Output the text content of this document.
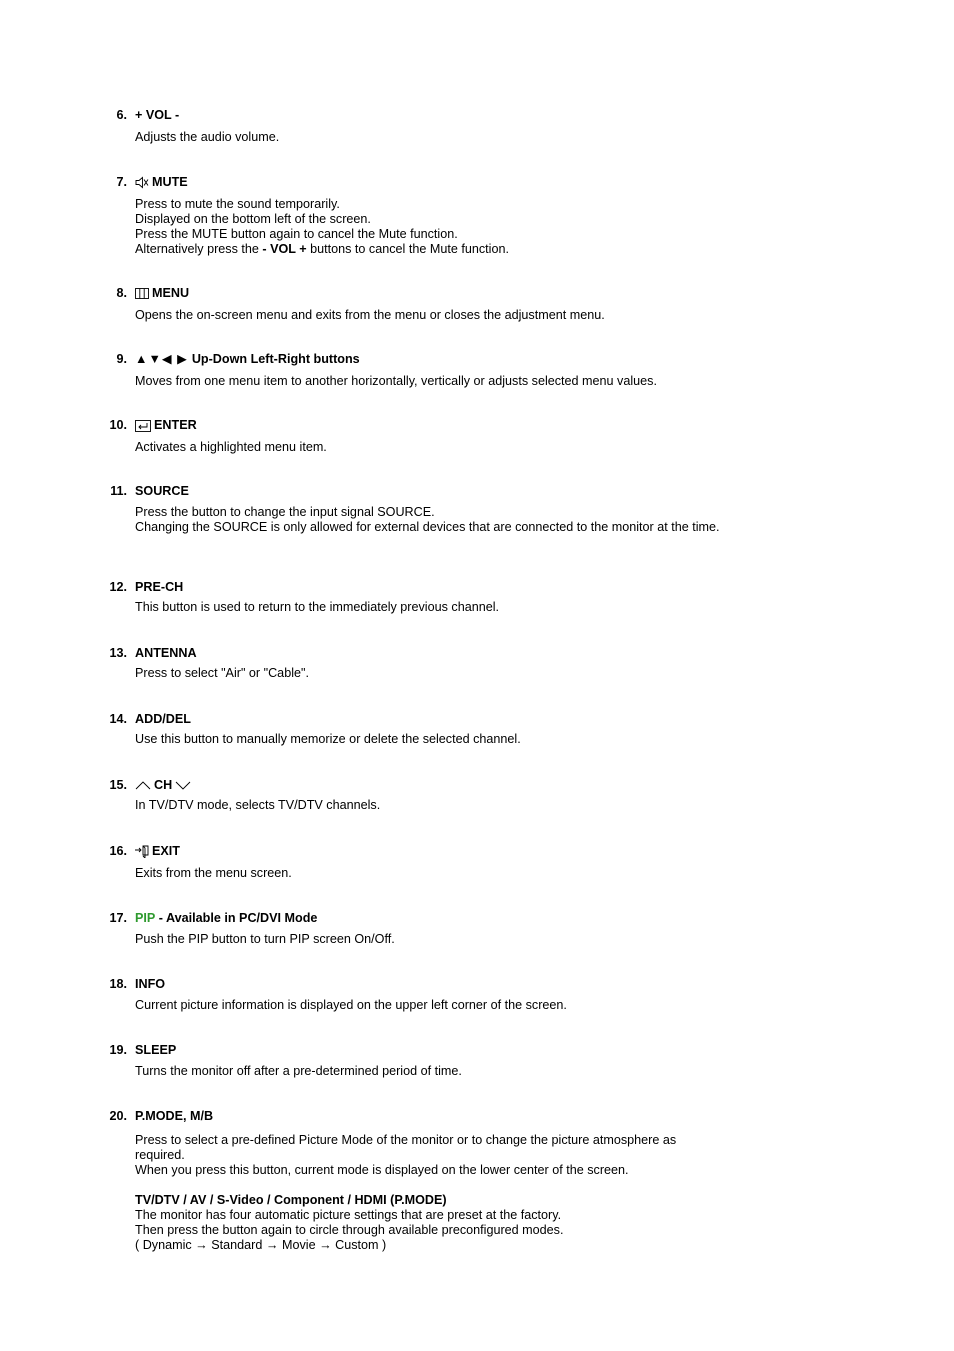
6. + VOL -
Adjusts the audio volume.
7. MUTE
Press to mute the sound temporarily.
Displayed on the bottom left of the screen.
Press the MUTE button again to cancel the Mute function.
Alternatively press the - VOL + buttons to cancel the Mute function.
8. MENU
Opens the on-screen menu and exits from the menu or closes the adjustment menu.
9. ▲▼◀ ▶ Up-Down Left-Right buttons
Moves from one menu item to another horizontally, vertically or adjusts selected menu values.
10. ENTER
Activates a highlighted menu item.
11. SOURCE
Press the button to change the input signal SOURCE.
Changing the SOURCE is only allowed for external devices that are connected to the monitor at the time.
12. PRE-CH
This button is used to return to the immediately previous channel.
13. ANTENNA
Press to select "Air" or "Cable".
14. ADD/DEL
Use this button to manually memorize or delete the selected channel.
15. CH
In TV/DTV mode, selects TV/DTV channels.
16. EXIT
Exits from the menu screen.
17. PIP - Available in PC/DVI Mode
Push the PIP button to turn PIP screen On/Off.
18. INFO
Current picture information is displayed on the upper left corner of the screen.
19. SLEEP
Turns the monitor off after a pre-determined period of time.
20. P.MODE, M/B
Press to select a pre-defined Picture Mode of the monitor or to change the picture atmosphere as required.
When you press this button, current mode is displayed on the lower center of the screen.
TV/DTV / AV / S-Video / Component / HDMI (P.MODE)
The monitor has four automatic picture settings that are preset at the factory.
Then press the button again to circle through available preconfigured modes.
( Dynamic → Standard → Movie → Custom )
